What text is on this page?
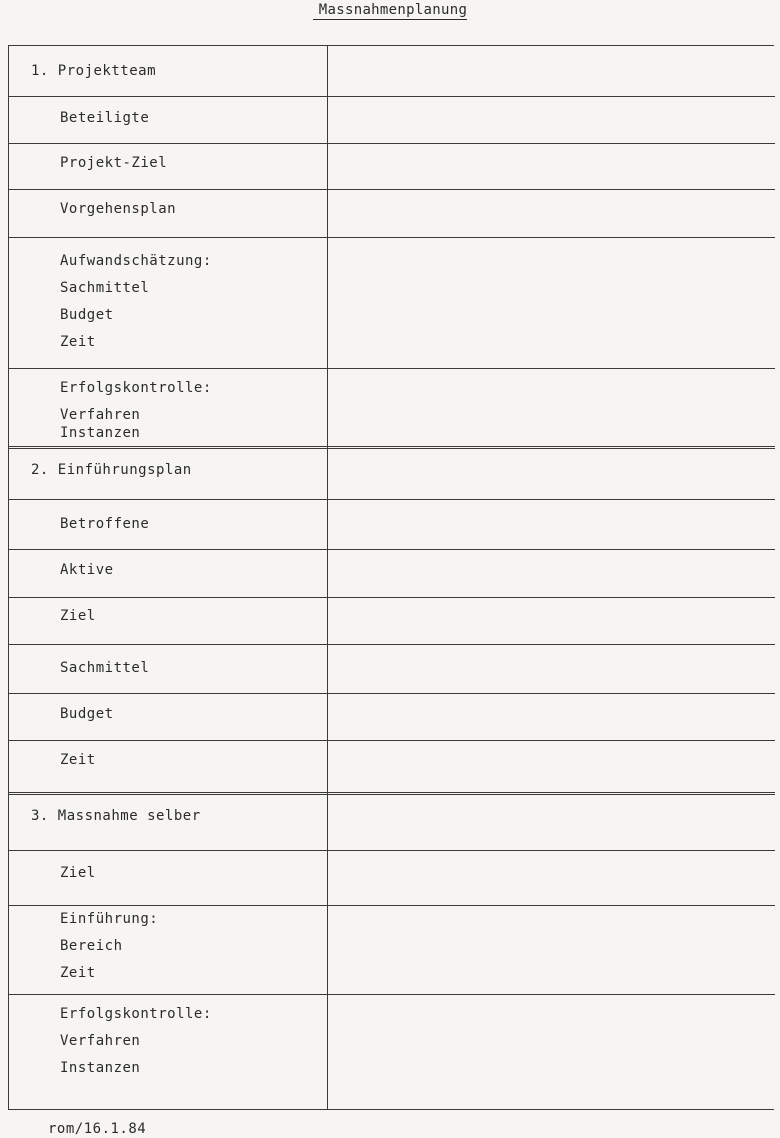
Massnahmenplanung
1. Projektteam
Beteiligte
Projekt-Ziel
Vorgehensplan
Aufwandschätzung:
Sachmittel
Budget
Zeit
Erfolgskontrolle:
Verfahren
Instanzen
2. Einführungsplan
Betroffene
Aktive
Ziel
Sachmittel
Budget
Zeit
3. Massnahme selber
Ziel
Einführung:
Bereich
Zeit
Erfolgskontrolle:
Verfahren
Instanzen
rom/16.1.84
